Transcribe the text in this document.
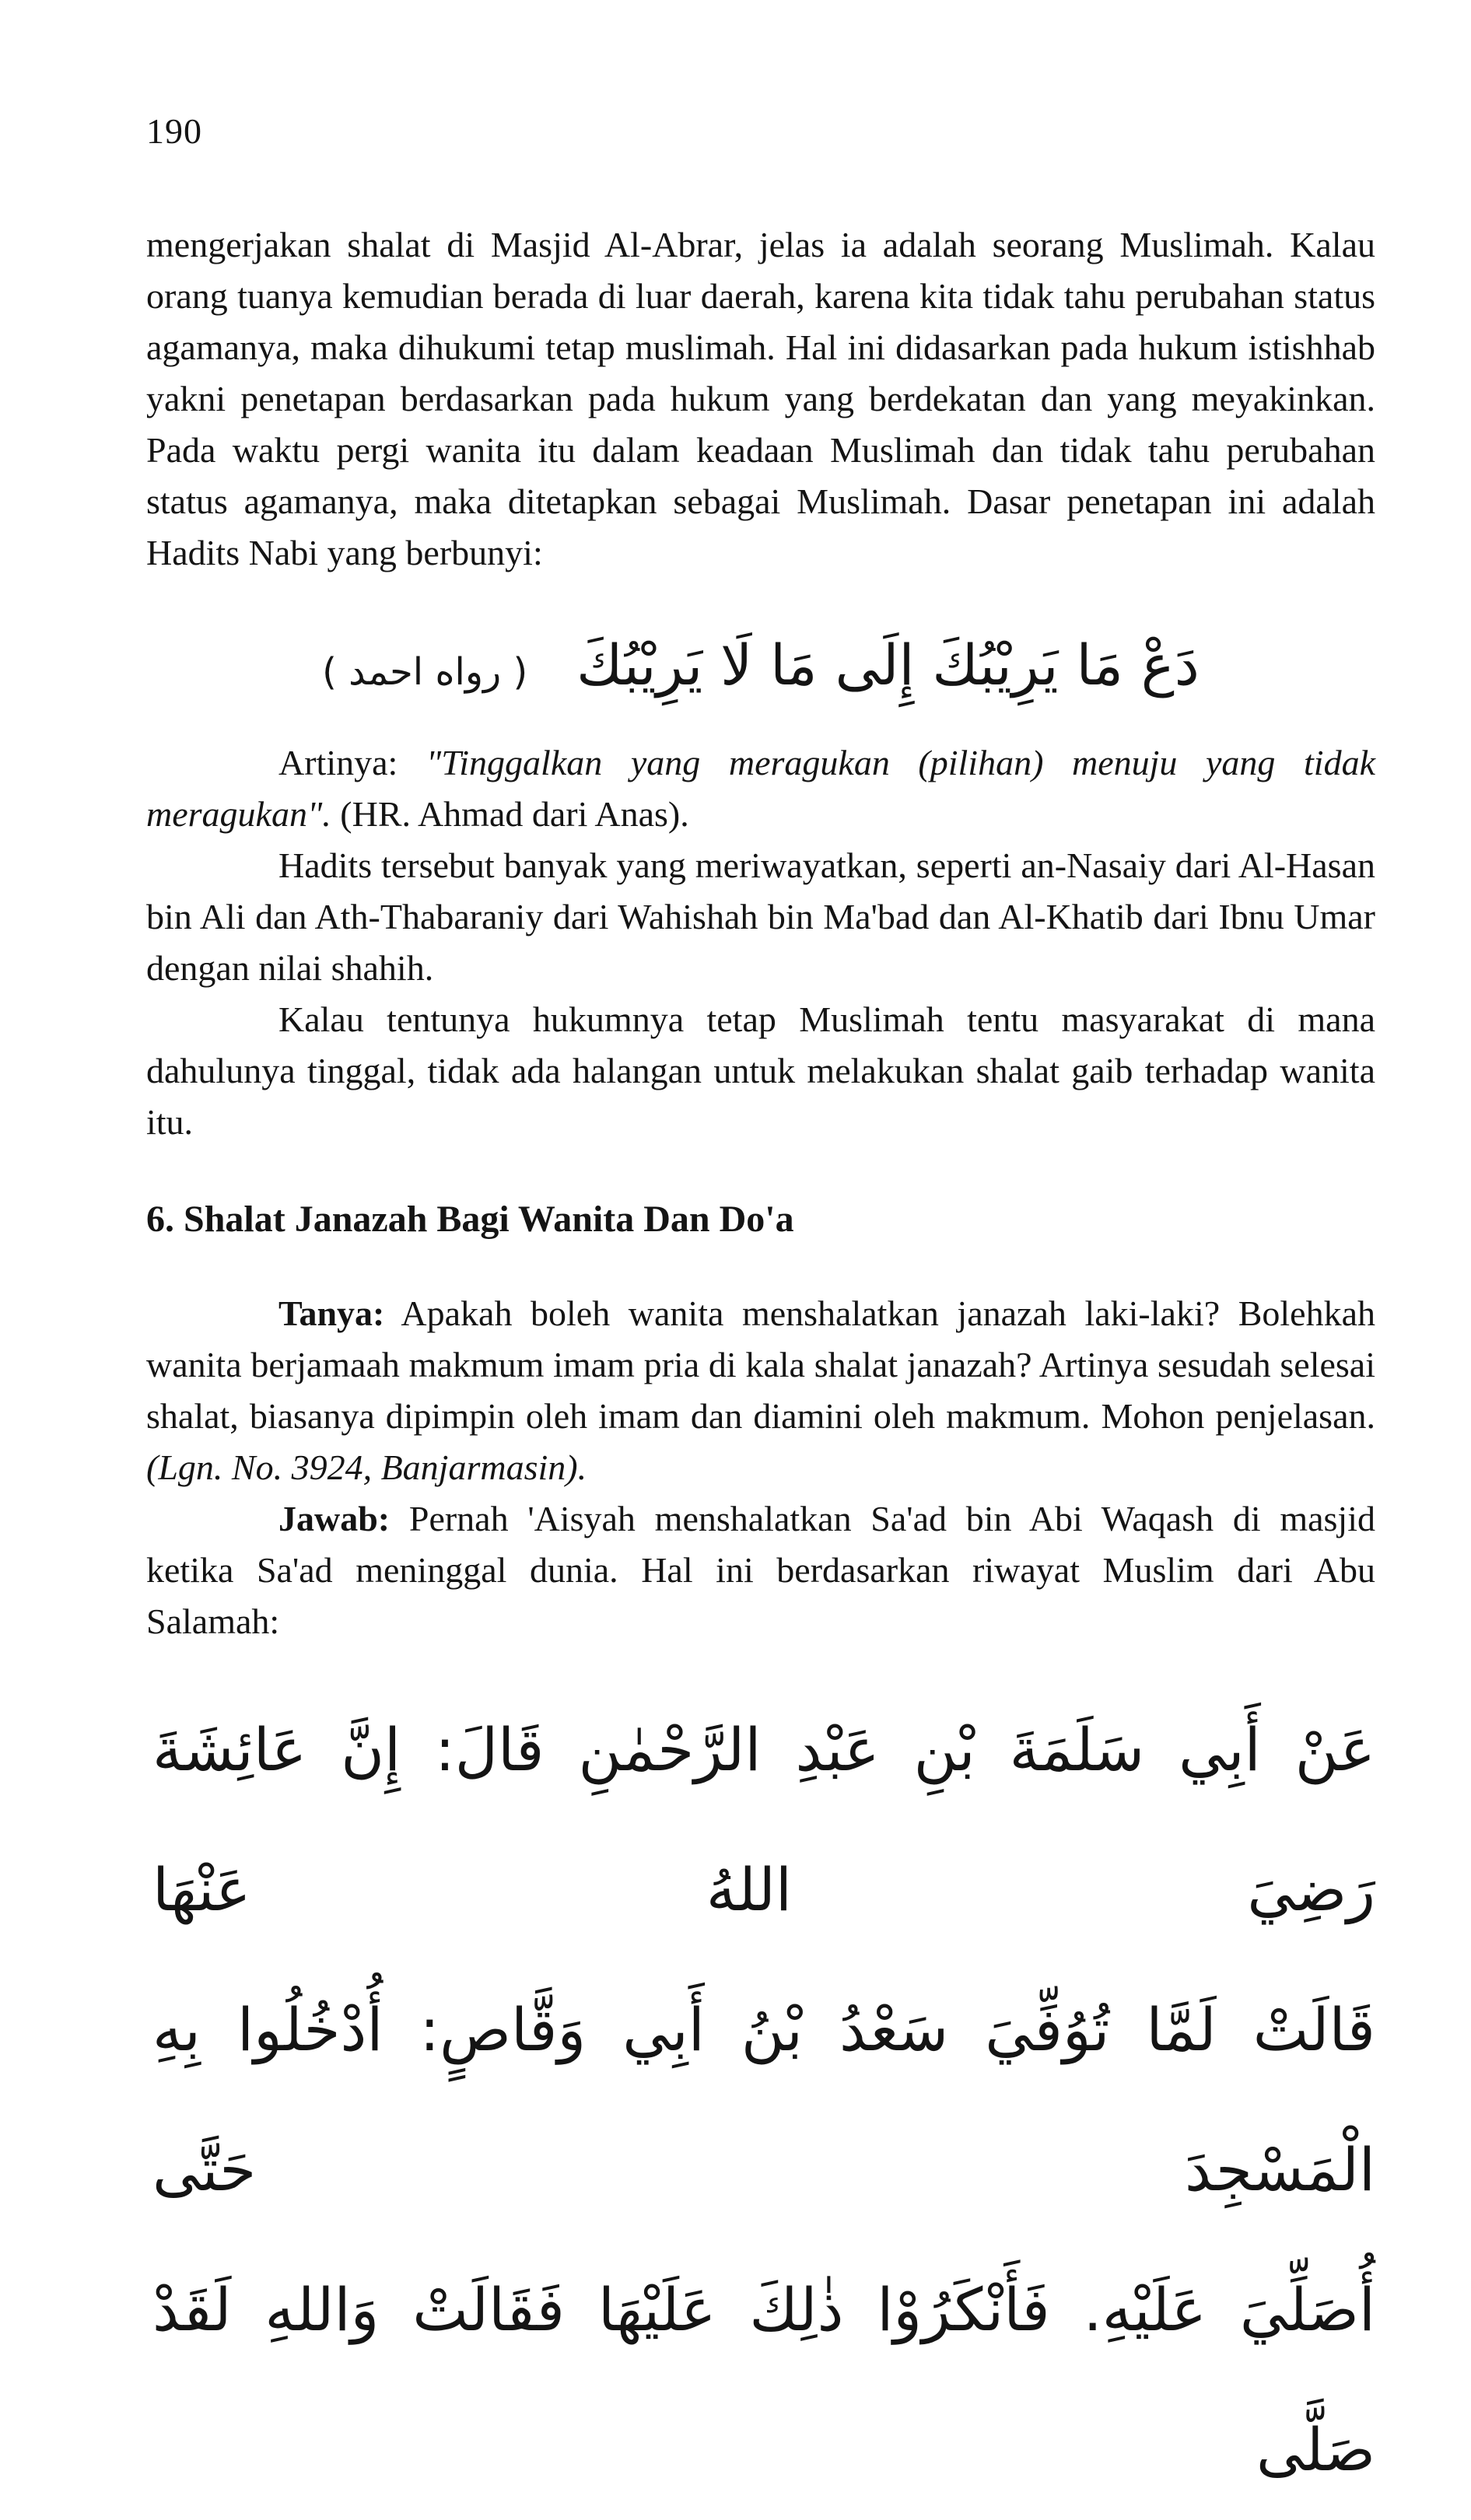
190

mengerjakan shalat di Masjid Al-Abrar, jelas ia adalah seorang Muslimah. Kalau orang tuanya kemudian berada di luar daerah, karena kita tidak tahu perubahan status agamanya, maka dihukumi tetap muslimah. Hal ini didasarkan pada hukum istishhab yakni penetapan berdasarkan pada hukum yang berdekatan dan yang meyakinkan. Pada waktu pergi wanita itu dalam keadaan Muslimah dan tidak tahu perubahan status agamanya, maka ditetapkan sebagai Muslimah. Dasar penetapan ini adalah Hadits Nabi yang berbunyi:

دَعْ مَا يَرِيْبُكَ إِلَى مَا لَا يَرِيْبُكَ ( رواه احمد )

Artinya: "Tinggalkan yang meragukan (pilihan) menuju yang tidak meragukan". (HR. Ahmad dari Anas).

Hadits tersebut banyak yang meriwayatkan, seperti an-Nasaiy dari Al-Hasan bin Ali dan Ath-Thabaraniy dari Wahishah bin Ma'bad dan Al-Khatib dari Ibnu Umar dengan nilai shahih.

Kalau tentunya hukumnya tetap Muslimah tentu masyarakat di mana dahulunya tinggal, tidak ada halangan untuk melakukan shalat gaib terhadap wanita itu.

6. Shalat Janazah Bagi Wanita Dan Do'a

Tanya: Apakah boleh wanita menshalatkan janazah laki-laki? Bolehkah wanita berjamaah makmum imam pria di kala shalat janazah? Artinya sesudah selesai shalat, biasanya dipimpin oleh imam dan diamini oleh makmum. Mohon penjelasan. (Lgn. No. 3924, Banjarmasin).

Jawab: Pernah 'Aisyah menshalatkan Sa'ad bin Abi Waqash di masjid ketika Sa'ad meninggal dunia. Hal ini berdasarkan riwayat Muslim dari Abu Salamah:

عَنْ أَبِي سَلَمَةَ بْنِ عَبْدِ الرَّحْمٰنِ قَالَ: إِنَّ عَائِشَةَ رَضِيَ اللهُ عَنْهَا

قَالَتْ لَمَّا تُوُفِّيَ سَعْدُ بْنُ أَبِي وَقَّاصٍ: أُدْخُلُوا بِهِ الْمَسْجِدَ حَتَّى

أُصَلِّيَ عَلَيْهِ. فَأَنْكَرُوْا ذٰلِكَ عَلَيْهَا فَقَالَتْ وَاللهِ لَقَدْ صَلَّى
